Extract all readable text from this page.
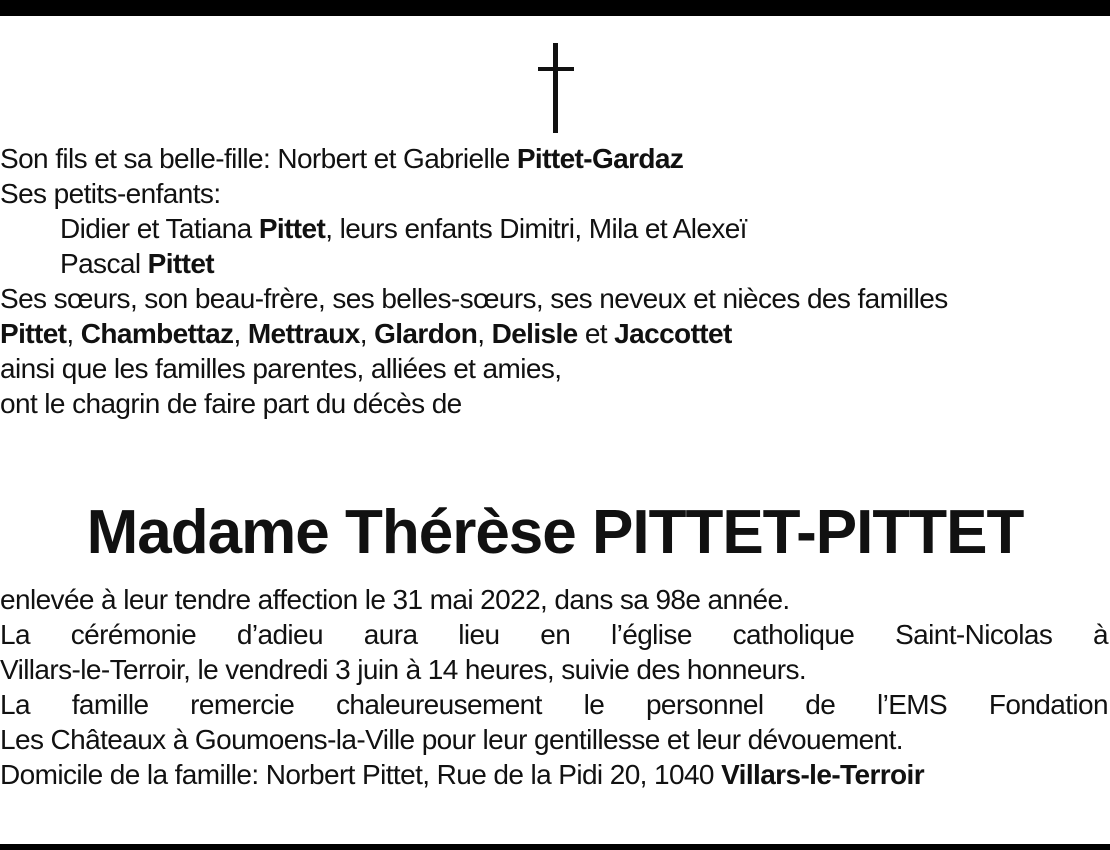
Son fils et sa belle-fille: Norbert et Gabrielle Pittet-Gardaz
Ses petits-enfants:
Didier et Tatiana Pittet, leurs enfants Dimitri, Mila et Alexeï
Pascal Pittet
Ses sœurs, son beau-frère, ses belles-sœurs, ses neveux et nièces des familles
Pittet, Chambettaz, Mettraux, Glardon, Delisle et Jaccottet
ainsi que les familles parentes, alliées et amies,
ont le chagrin de faire part du décès de
Madame Thérèse PITTET-PITTET
enlevée à leur tendre affection le 31 mai 2022, dans sa 98e année.
La cérémonie d’adieu aura lieu en l’église catholique Saint-Nicolas à
Villars-le-Terroir, le vendredi 3 juin à 14 heures, suivie des honneurs.
La famille remercie chaleureusement le personnel de l’EMS Fondation
Les Châteaux à Goumoens-la-Ville pour leur gentillesse et leur dévouement.
Domicile de la famille: Norbert Pittet, Rue de la Pidi 20, 1040 Villars-le-Terroir
